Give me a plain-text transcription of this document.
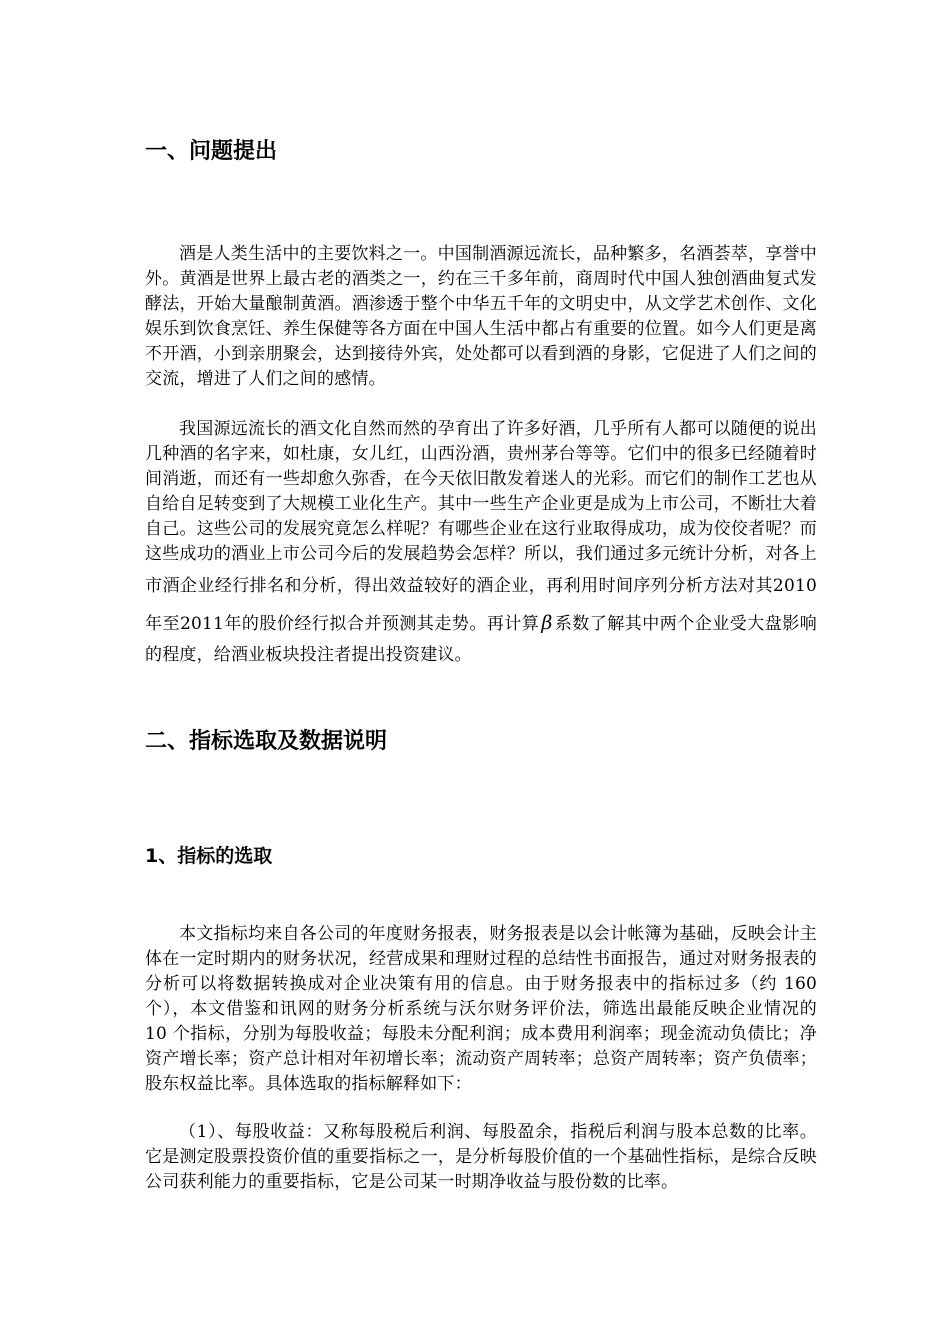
一、问题提出

酒是人类生活中的主要饮料之一。中国制酒源远流长，品种繁多，名酒荟萃，享誉中外。黄酒是世界上最古老的酒类之一，约在三千多年前，商周时代中国人独创酒曲复式发酵法，开始大量酿制黄酒。酒渗透于整个中华五千年的文明史中，从文学艺术创作、文化娱乐到饮食烹饪、养生保健等各方面在中国人生活中都占有重要的位置。如今人们更是离不开酒，小到亲朋聚会，达到接待外宾，处处都可以看到酒的身影，它促进了人们之间的交流，增进了人们之间的感情。

我国源远流长的酒文化自然而然的孕育出了许多好酒，几乎所有人都可以随便的说出几种酒的名字来，如杜康，女儿红，山西汾酒，贵州茅台等等。它们中的很多已经随着时间消逝，而还有一些却愈久弥香，在今天依旧散发着迷人的光彩。而它们的制作工艺也从自给自足转变到了大规模工业化生产。其中一些生产企业更是成为上市公司，不断壮大着自己。这些公司的发展究竟怎么样呢？有哪些企业在这行业取得成功，成为佼佼者呢？而这些成功的酒业上市公司今后的发展趋势会怎样？所以，我们通过多元统计分析，对各上市酒企业经行排名和分析，得出效益较好的酒企业，再利用时间序列分析方法对其2010年至2011年的股价经行拟合并预测其走势。再计算 β 系数了解其中两个企业受大盘影响的程度，给酒业板块投注者提出投资建议。

二、指标选取及数据说明
1、指标的选取

本文指标均来自各公司的年度财务报表，财务报表是以会计帐簿为基础，反映会计主体在一定时期内的财务状况，经营成果和理财过程的总结性书面报告，通过对财务报表的分析可以将数据转换成对企业决策有用的信息。由于财务报表中的指标过多（约 160 个），本文借鉴和讯网的财务分析系统与沃尔财务评价法，筛选出最能反映企业情况的 10 个指标，分别为每股收益；每股未分配利润；成本费用利润率；现金流动负债比；净资产增长率；资产总计相对年初增长率；流动资产周转率；总资产周转率；资产负债率；股东权益比率。具体选取的指标解释如下：

（1）、每股收益：又称每股税后利润、每股盈余，指税后利润与股本总数的比率。它是测定股票投资价值的重要指标之一，是分析每股价值的一个基础性指标，是综合反映公司获利能力的重要指标，它是公司某一时期净收益与股份数的比率。
